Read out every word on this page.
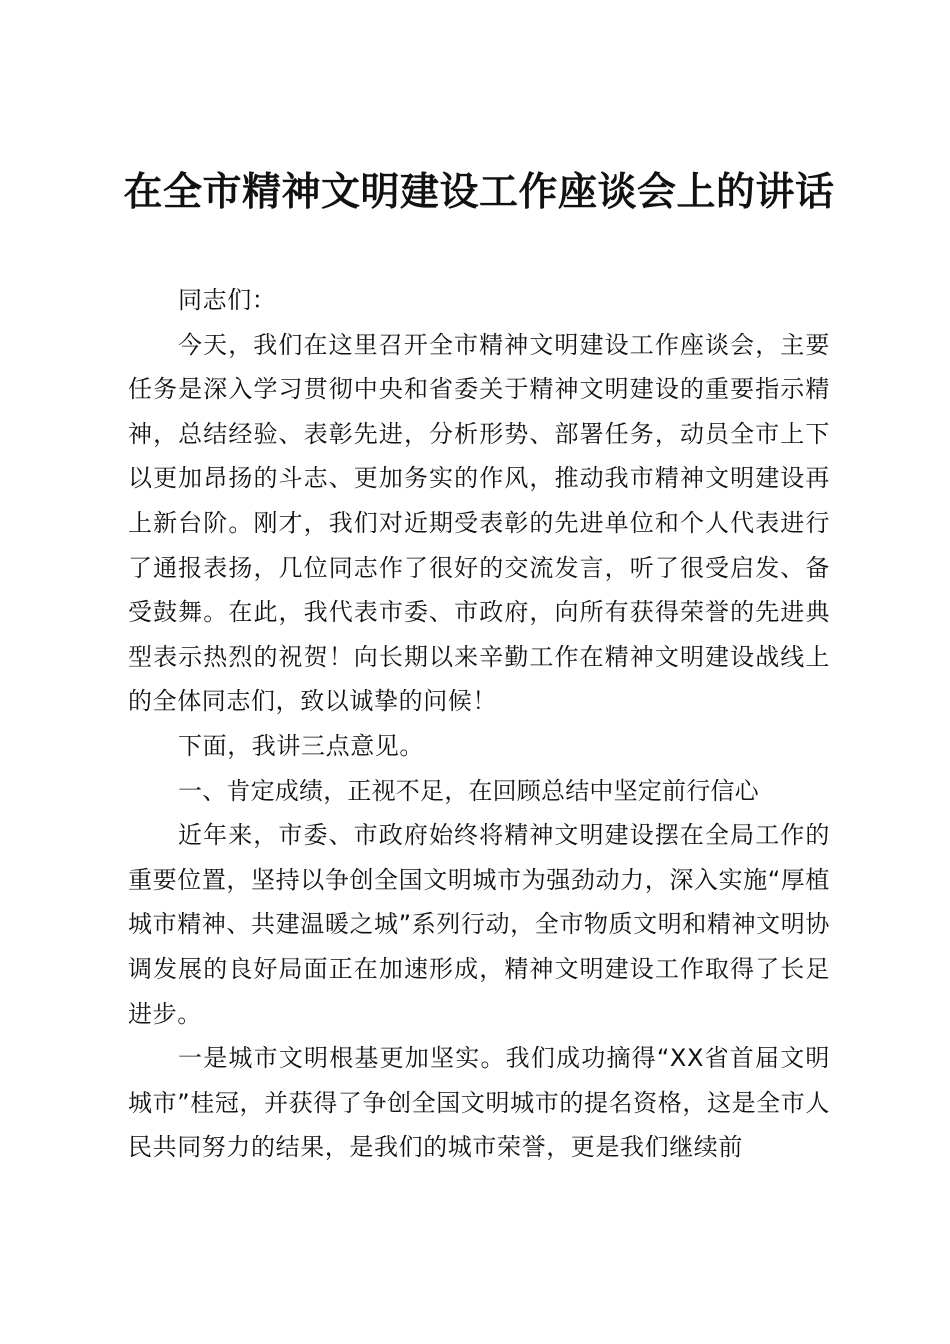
在全市精神文明建设工作座谈会上的讲话

同志们：

今天，我们在这里召开全市精神文明建设工作座谈会，主要任务是深入学习贯彻中央和省委关于精神文明建设的重要指示精神，总结经验、表彰先进，分析形势、部署任务，动员全市上下以更加昂扬的斗志、更加务实的作风，推动我市精神文明建设再上新台阶。刚才，我们对近期受表彰的先进单位和个人代表进行了通报表扬，几位同志作了很好的交流发言，听了很受启发、备受鼓舞。在此，我代表市委、市政府，向所有获得荣誉的先进典型表示热烈的祝贺！向长期以来辛勤工作在精神文明建设战线上的全体同志们，致以诚挚的问候！

下面，我讲三点意见。

一、肯定成绩，正视不足，在回顾总结中坚定前行信心

近年来，市委、市政府始终将精神文明建设摆在全局工作的重要位置，坚持以争创全国文明城市为强劲动力，深入实施“厚植城市精神、共建温暖之城”系列行动，全市物质文明和精神文明协调发展的良好局面正在加速形成，精神文明建设工作取得了长足进步。

一是城市文明根基更加坚实。我们成功摘得“XX省首届文明城市”桂冠，并获得了争创全国文明城市的提名资格，这是全市人民共同努力的结果，是我们的城市荣誉，更是我们继续前
